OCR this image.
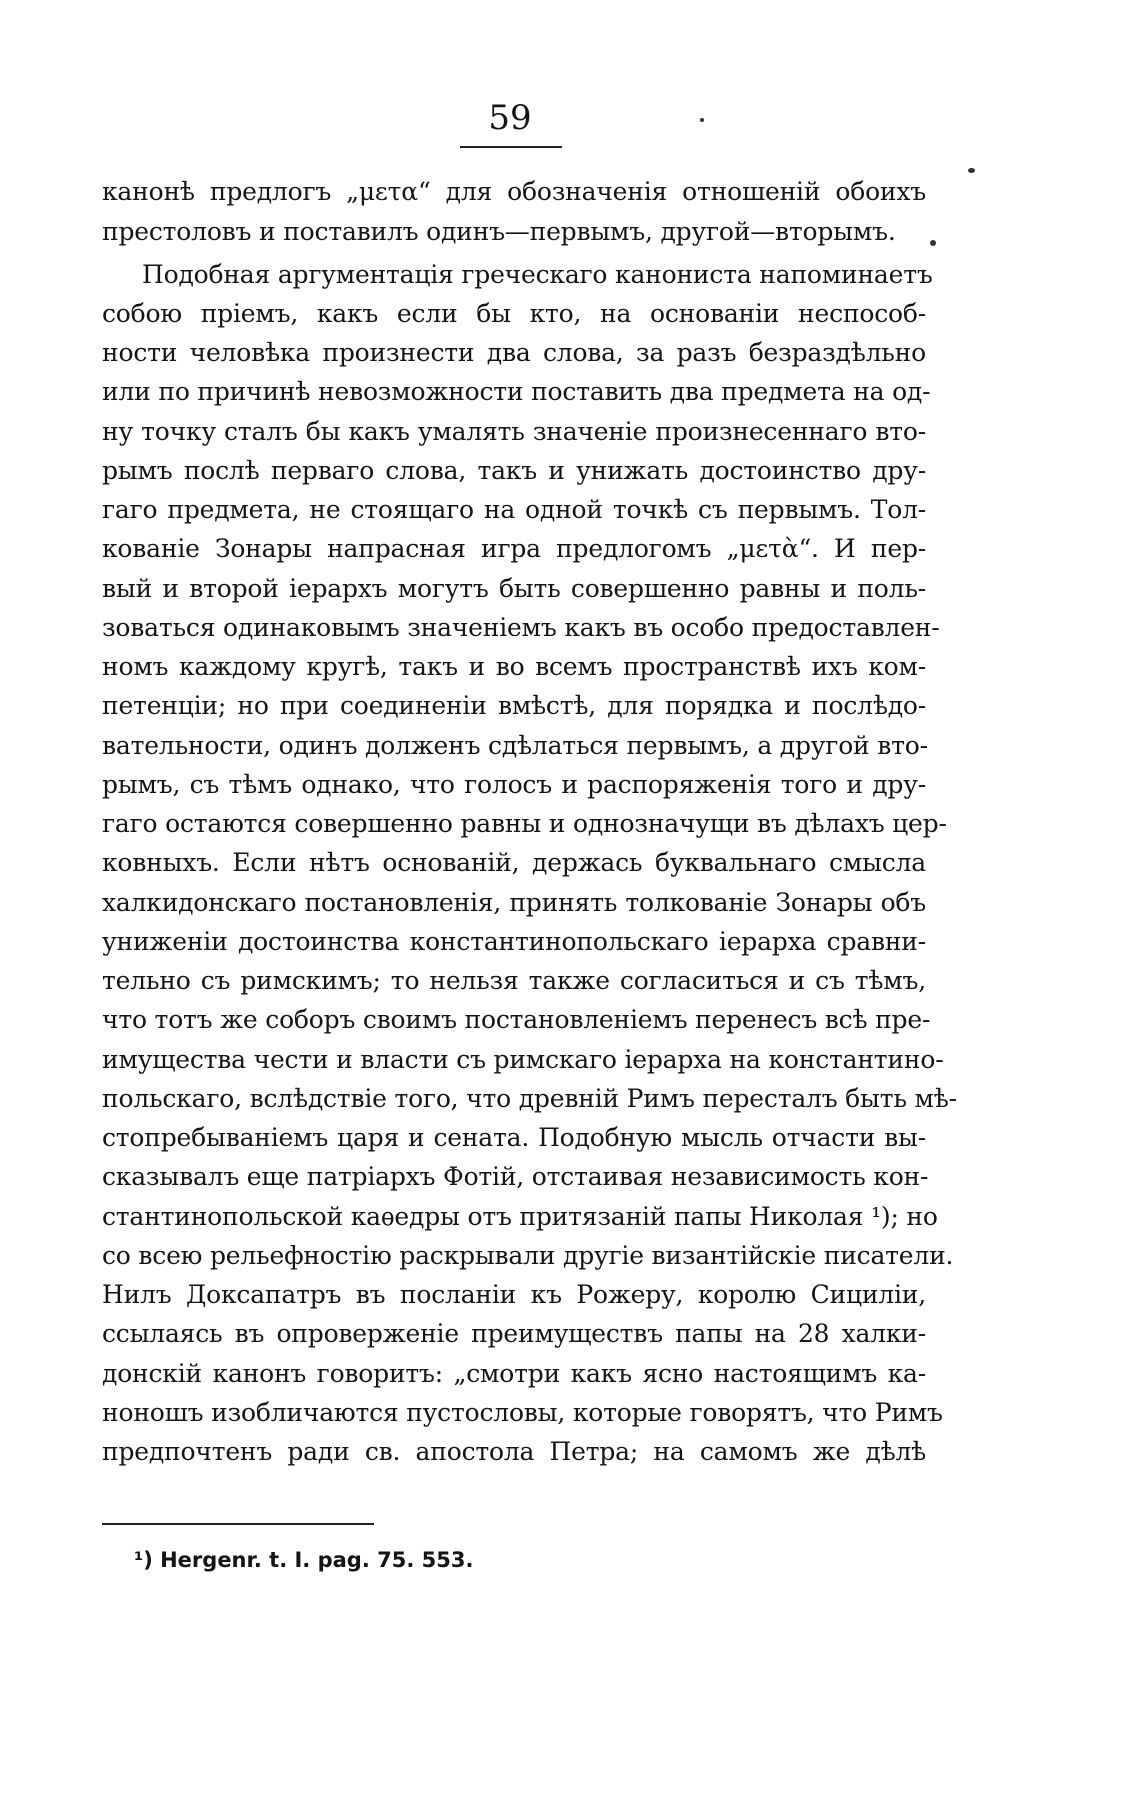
59
канонѣ предлогъ „μετα“ для обозначенія отношеній обоихъ
престоловъ и поставилъ одинъ—первымъ, другой—вторымъ.
Подобная аргументація греческаго канониста напоминаетъ
собою пріемъ, какъ если бы кто, на основаніи неспособ-
ности человѣка произнести два слова, за разъ безраздѣльно
или по причинѣ невозможности поставить два предмета на од-
ну точку сталъ бы какъ умалять значеніе произнесеннаго вто-
рымъ послѣ перваго слова, такъ и унижать достоинство дру-
гаго предмета, не стоящаго на одной точкѣ съ первымъ. Тол-
кованіе Зонары напрасная игра предлогомъ „μετὰ“. И пер-
вый и второй іерархъ могутъ быть совершенно равны и поль-
зоваться одинаковымъ значеніемъ какъ въ особо предоставлен-
номъ каждому кругѣ, такъ и во всемъ пространствѣ ихъ ком-
петенціи; но при соединеніи вмѣстѣ, для порядка и послѣдо-
вательности, одинъ долженъ сдѣлаться первымъ, а другой вто-
рымъ, съ тѣмъ однако, что голосъ и распоряженія того и дру-
гаго остаются совершенно равны и однозначущи въ дѣлахъ цер-
ковныхъ. Если нѣтъ основаній, держась буквальнаго смысла
халкидонскаго постановленія, принять толкованіе Зонары объ
униженіи достоинства константинопольскаго іерарха сравни-
тельно съ римскимъ; то нельзя также согласиться и съ тѣмъ,
что тотъ же соборъ своимъ постановленіемъ перенесъ всѣ пре-
имущества чести и власти съ римскаго іерарха на константино-
польскаго, вслѣдствіе того, что древній Римъ пересталъ быть мѣ-
стопребываніемъ царя и сената. Подобную мысль отчасти вы-
сказывалъ еще патріархъ Фотій, отстаивая независимость кон-
стантинопольской каѳедры отъ притязаній папы Николая ¹); но
со всею рельефностію раскрывали другіе византійскіе писатели.
Нилъ Доксапатръ въ посланіи къ Рожеру, королю Сициліи,
ссылаясь въ опроверженіе преимуществъ папы на 28 халки-
донскій канонъ говоритъ: „смотри какъ ясно настоящимъ ка-
ноношъ изобличаются пустословы, которые говорятъ, что Римъ
предпочтенъ ради св. апостола Петра; на самомъ же дѣлѣ
¹) Hergenr. t. I. pag. 75. 553.
